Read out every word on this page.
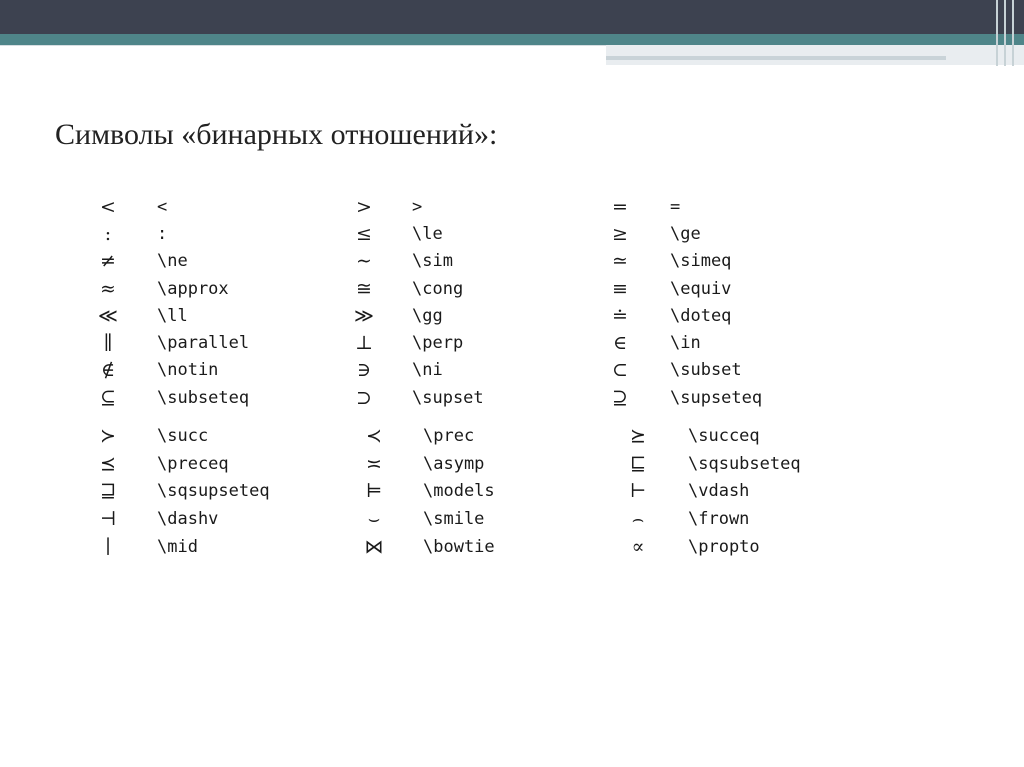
Символы «бинарных отношений»:
< <	> >	= =
:	:	≤ \le	≥ \ge
≠ \ne	∼ \sim	≃ \simeq
≈ \approx	≅ \cong	≡ \equiv
≪ \ll	≫ \gg	≐ \doteq
∥	\parallel	⊥ \perp	∈	\in
∉ \notin	∋ \ni	⊂ \subset
⊆ \subseteq	⊃ \supset	⊇ \supseteq
≻ \succ	≺ \prec	⪰ \succeq
⪯ \preceq	≍ \asymp	⊑ \sqsubseteq
⊒ \sqsupseteq	⊨ \models	⊢ \vdash
⊣ \dashv	⌣	\smile	⌢	\frown
∣	\mid	⋈ \bowtie	∝	\propto
